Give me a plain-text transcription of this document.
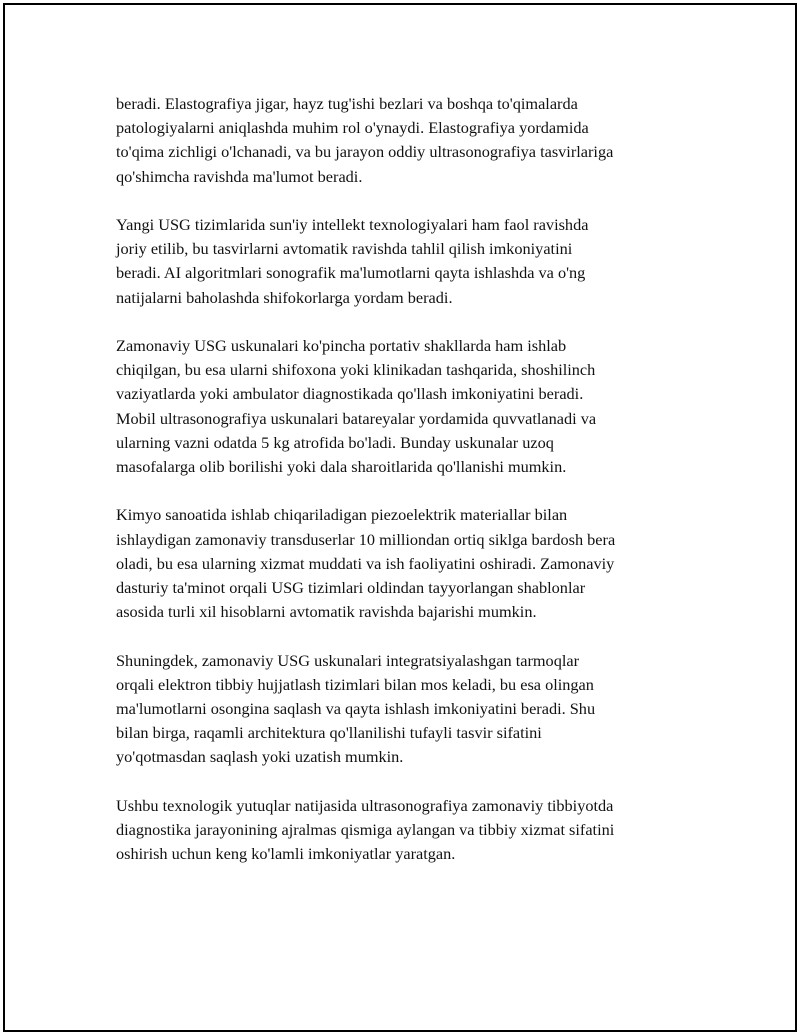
beradi. Elastografiya jigar, hayz tug'ishi bezlari va boshqa to'qimalarda
patologiyalarni aniqlashda muhim rol o'ynaydi. Elastografiya yordamida
to'qima zichligi o'lchanadi, va bu jarayon oddiy ultrasonografiya tasvirlariga
qo'shimcha ravishda ma'lumot beradi.

Yangi USG tizimlarida sun'iy intellekt texnologiyalari ham faol ravishda
joriy etilib, bu tasvirlarni avtomatik ravishda tahlil qilish imkoniyatini
beradi. AI algoritmlari sonografik ma'lumotlarni qayta ishlashda va o'ng
natijalarni baholashda shifokorlarga yordam beradi.

Zamonaviy USG uskunalari ko'pincha portativ shakllarda ham ishlab
chiqilgan, bu esa ularni shifoxona yoki klinikadan tashqarida, shoshilinch
vaziyatlarda yoki ambulator diagnostikada qo'llash imkoniyatini beradi.
Mobil ultrasonografiya uskunalari batareyalar yordamida quvvatlanadi va
ularning vazni odatda 5 kg atrofida bo'ladi. Bunday uskunalar uzoq
masofalarga olib borilishi yoki dala sharoitlarida qo'llanishi mumkin.

Kimyo sanoatida ishlab chiqariladigan piezoelektrik materiallar bilan
ishlaydigan zamonaviy transduserlar 10 milliondan ortiq siklga bardosh bera
oladi, bu esa ularning xizmat muddati va ish faoliyatini oshiradi. Zamonaviy
dasturiy ta'minot orqali USG tizimlari oldindan tayyorlangan shablonlar
asosida turli xil hisoblarni avtomatik ravishda bajarishi mumkin.

Shuningdek, zamonaviy USG uskunalari integratsiyalashgan tarmoqlar
orqali elektron tibbiy hujjatlash tizimlari bilan mos keladi, bu esa olingan
ma'lumotlarni osongina saqlash va qayta ishlash imkoniyatini beradi. Shu
bilan birga, raqamli architektura qo'llanilishi tufayli tasvir sifatini
yo'qotmasdan saqlash yoki uzatish mumkin.

Ushbu texnologik yutuqlar natijasida ultrasonografiya zamonaviy tibbiyotda
diagnostika jarayonining ajralmas qismiga aylangan va tibbiy xizmat sifatini
oshirish uchun keng ko'lamli imkoniyatlar yaratgan.
